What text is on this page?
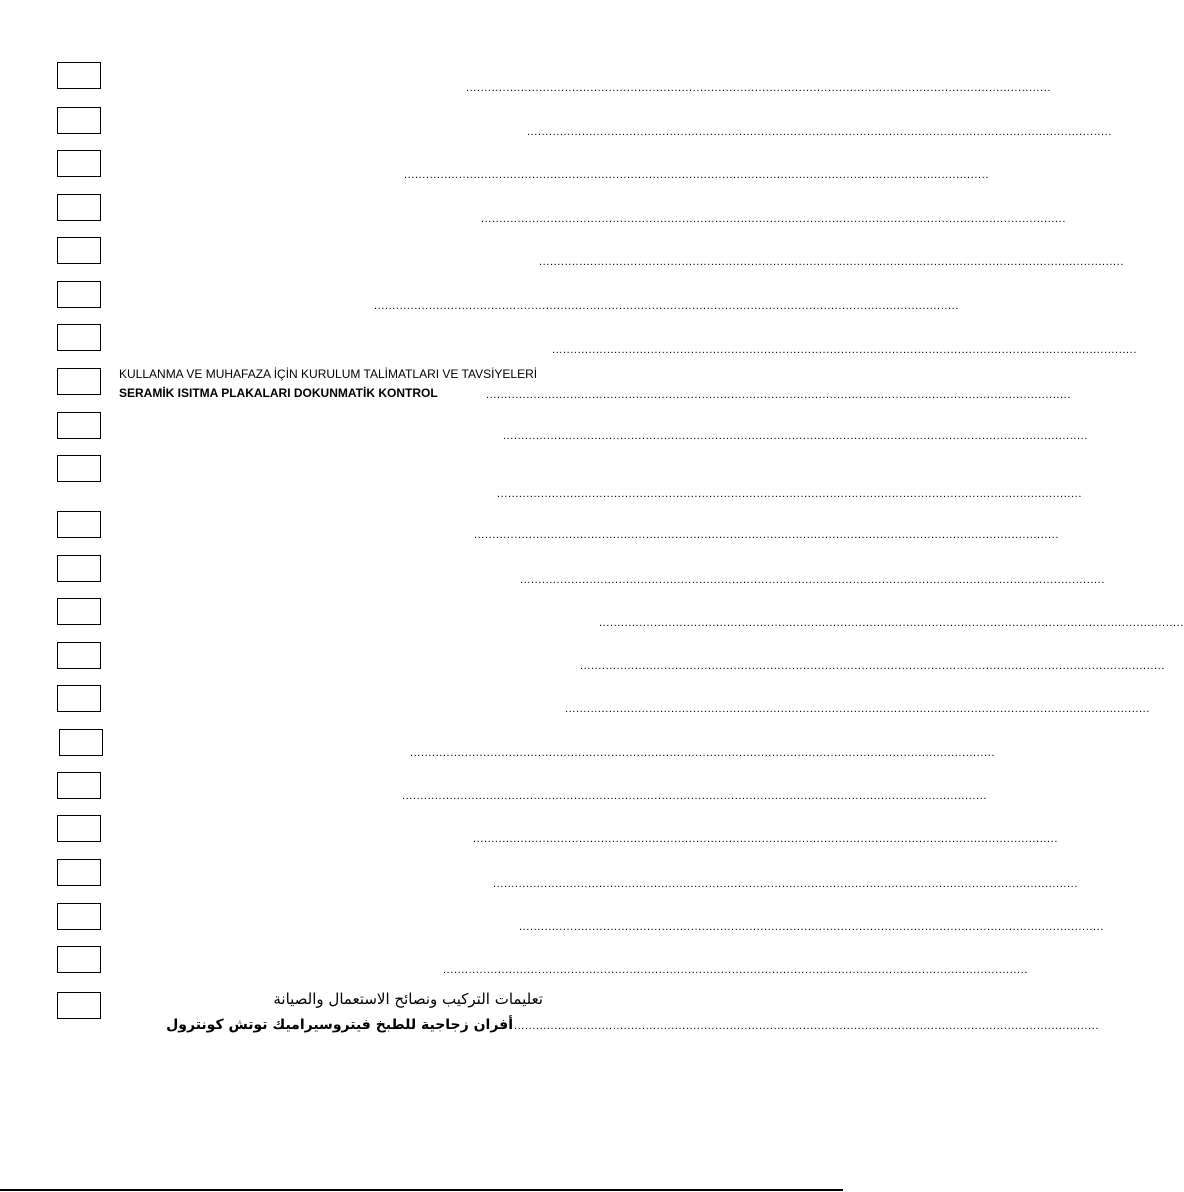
................................................................................................................................................................
................................................................................................................................................................
................................................................................................................................................................
................................................................................................................................................................
................................................................................................................................................................
................................................................................................................................................................
................................................................................................................................................................
KULLANMA VE MUHAFAZA İÇİN KURULUM TALİMATLARI VE TAVSİYELERİ
SERAMİK ISITMA PLAKALARI DOKUNMATİK KONTROL	................................................................................................................................................................
................................................................................................................................................................
................................................................................................................................................................
................................................................................................................................................................
................................................................................................................................................................
................................................................................................................................................................
................................................................................................................................................................
................................................................................................................................................................
................................................................................................................................................................
................................................................................................................................................................
................................................................................................................................................................
................................................................................................................................................................
................................................................................................................................................................
................................................................................................................................................................
تعليمات التركيب ونصائح الاستعمال والصيانة
أفران زجاجية للطبخ فيتروسيراميك توتش كونترول ................................................................................................................................................................
